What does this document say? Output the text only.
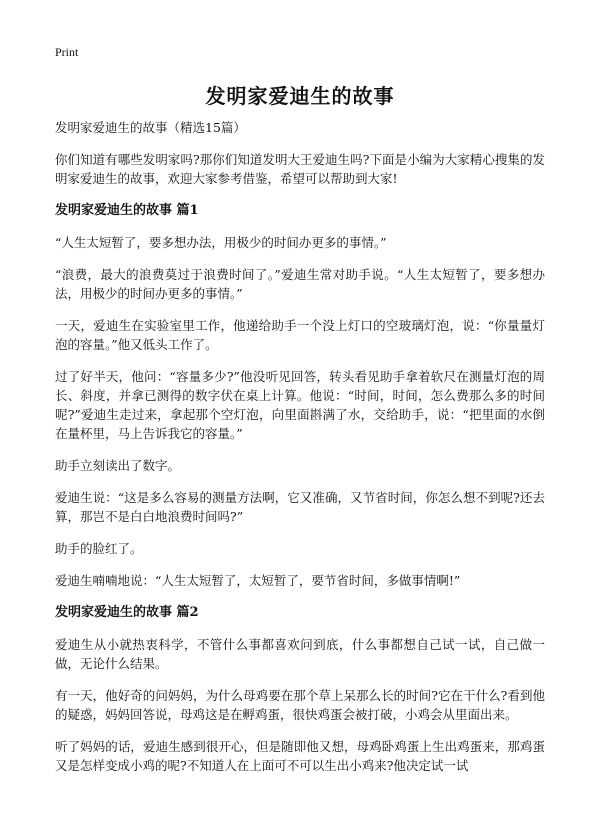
Print
发明家爱迪生的故事

发明家爱迪生的故事（精选15篇）

你们知道有哪些发明家吗?那你们知道发明大王爱迪生吗?下面是小编为大家精心搜集的发明家爱迪生的故事，欢迎大家参考借鉴，希望可以帮助到大家!

发明家爱迪生的故事 篇1

“人生太短暂了，要多想办法，用极少的时间办更多的事情。”

“浪费，最大的浪费莫过于浪费时间了。”爱迪生常对助手说。“人生太短暂了，要多想办法，用极少的时间办更多的事情。”

一天，爱迪生在实验室里工作，他递给助手一个没上灯口的空玻璃灯泡，说：“你量量灯泡的容量。”他又低头工作了。

过了好半天，他问：“容量多少?”他没听见回答，转头看见助手拿着软尺在测量灯泡的周长、斜度，并拿已测得的数字伏在桌上计算。他说：“时间，时间，怎么费那么多的时间呢?”爱迪生走过来，拿起那个空灯泡，向里面斟满了水，交给助手，说：“把里面的水倒在量杯里，马上告诉我它的容量。”

助手立刻读出了数字。

爱迪生说：“这是多么容易的测量方法啊，它又准确，又节省时间，你怎么想不到呢?还去算，那岂不是白白地浪费时间吗?”

助手的脸红了。

爱迪生喃喃地说：“人生太短暂了，太短暂了，要节省时间，多做事情啊!”

发明家爱迪生的故事 篇2

爱迪生从小就热衷科学，不管什么事都喜欢问到底，什么事都想自己试一试，自己做一做，无论什么结果。

有一天，他好奇的问妈妈，为什么母鸡要在那个草上呆那么长的时间?它在干什么?看到他的疑惑，妈妈回答说，母鸡这是在孵鸡蛋，很快鸡蛋会被打破，小鸡会从里面出来。

听了妈妈的话，爱迪生感到很开心，但是随即他又想，母鸡卧鸡蛋上生出鸡蛋来，那鸡蛋又是怎样变成小鸡的呢?不知道人在上面可不可以生出小鸡来?他决定试一试
